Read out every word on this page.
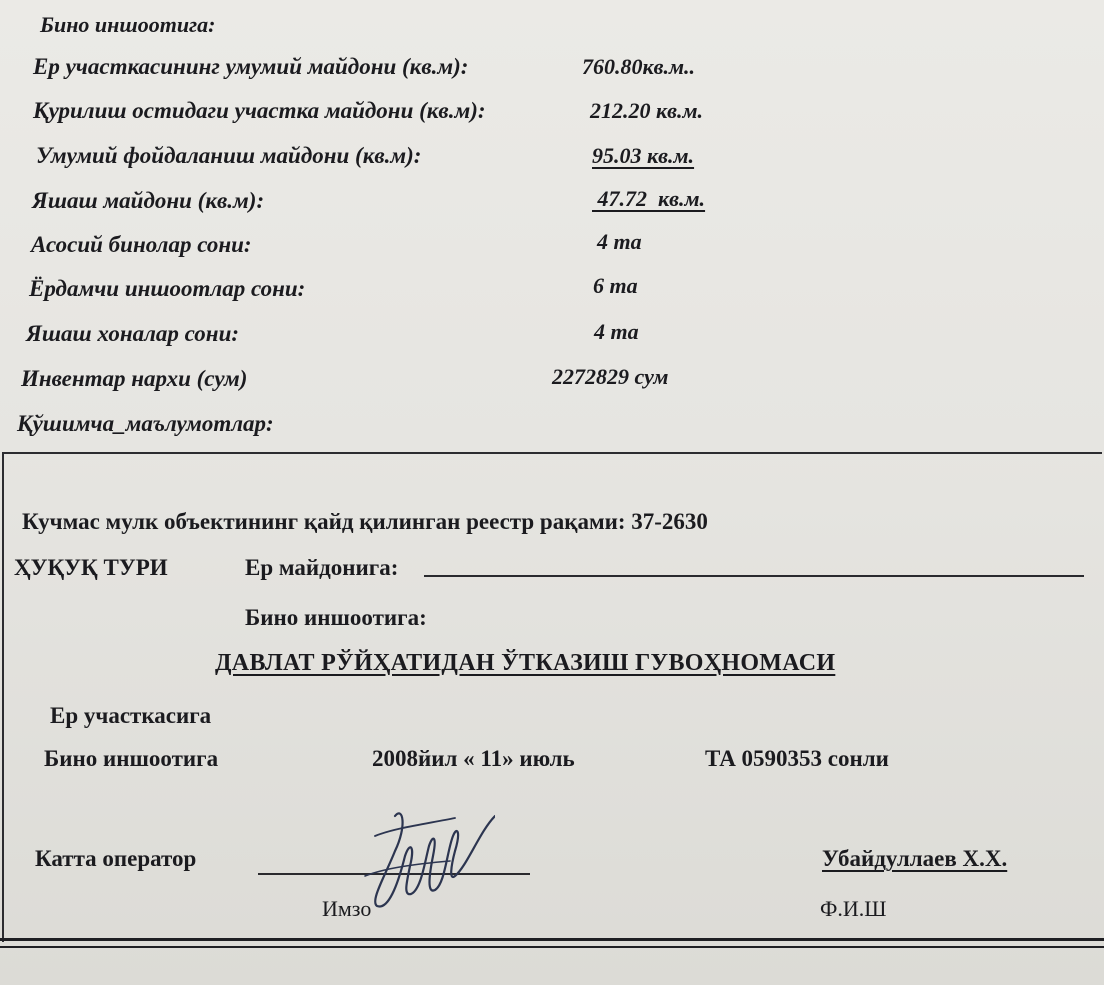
Бино иншоотига:
Ер участкасининг умумий майдони (кв.м):	760.80кв.м..
Қурилиш остидаги участка майдони (кв.м):	212.20 кв.м.
Умумий фойдаланиш майдони (кв.м):	95.03 кв.м.
Яшаш майдони (кв.м):	47.72  кв.м.
Асосий бинолар сони:	4 та
Ёрдамчи иншоотлар сони:	6 та
Яшаш хоналар сони:	4 та
Инвентар нархи (сум)	2272829 сум
Қўшимча_маълумотлар:
Кучмас мулк объектининг қайд қилинган реестр рақами: 37-2630
ҲУҚУҚ ТУРИ	Ер майдонига:
Бино иншоотига:
ДАВЛАТ РЎЙҲАТИДАН ЎТКАЗИШ ГУВОҲНОМАСИ
Ер участкасига
Бино иншоотига	2008йил « 11» июль	ТА 0590353 сонли
Катта оператор
Имзо
Убайдуллаев Х.Х.
Ф.И.Ш
